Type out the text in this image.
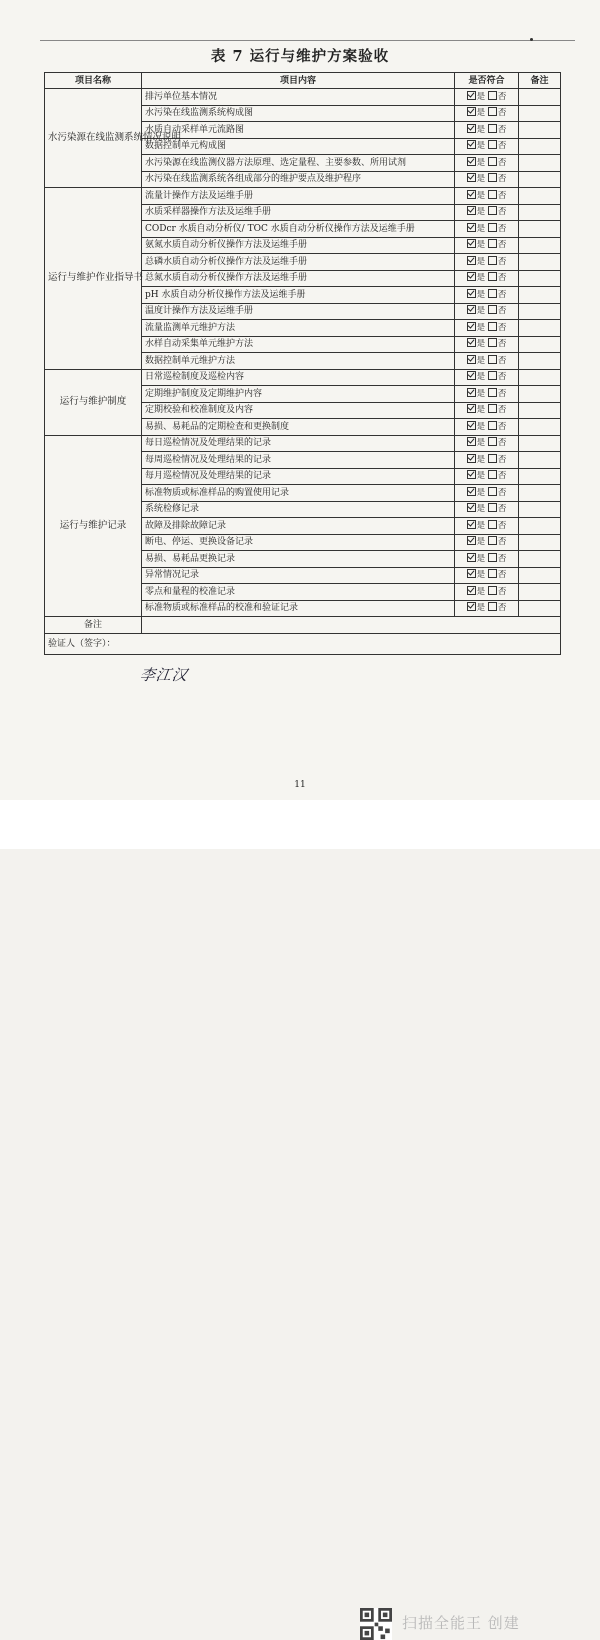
表 7 运行与维护方案验收
项目名称	项目内容	是否符合	备注
水污染源在线监测系统情况说明	排污单位基本情况	是 否	
	水污染在线监测系统构成图	是 否	
	水质自动采样单元流路图	是 否	
	数据控制单元构成图	是 否	
	水污染源在线监测仪器方法原理、选定量程、主要参数、所用试剂	是 否	
	水污染在线监测系统各组成部分的维护要点及维护程序	是 否	
运行与维护作业指导书	流量计操作方法及运维手册	是 否	
	水质采样器操作方法及运维手册	是 否	
	CODcr 水质自动分析仪/ TOC 水质自动分析仪操作方法及运维手册	是 否	
	氨氮水质自动分析仪操作方法及运维手册	是 否	
	总磷水质自动分析仪操作方法及运维手册	是 否	
	总氮水质自动分析仪操作方法及运维手册	是 否	
	pH 水质自动分析仪操作方法及运维手册	是 否	
	温度计操作方法及运维手册	是 否	
	流量监测单元维护方法	是 否	
	水样自动采集单元维护方法	是 否	
	数据控制单元维护方法	是 否	
运行与维护制度	日常巡检制度及巡检内容	是 否	
	定期维护制度及定期维护内容	是 否	
	定期校验和校准制度及内容	是 否	
	易损、易耗品的定期检查和更换制度	是 否	
运行与维护记录	每日巡检情况及处理结果的记录	是 否	
	每周巡检情况及处理结果的记录	是 否	
	每月巡检情况及处理结果的记录	是 否	
	标准物质或标准样品的购置使用记录	是 否	
	系统检修记录	是 否	
	故障及排除故障记录	是 否	
	断电、停运、更换设备记录	是 否	
	易损、易耗品更换记录	是 否	
	异常情况记录	是 否	
	零点和量程的校准记录	是 否	
	标准物质或标准样品的校准和验证记录	是 否	
备注			
验证人（签字）：			
李江汉
11
扫描全能王 创建
